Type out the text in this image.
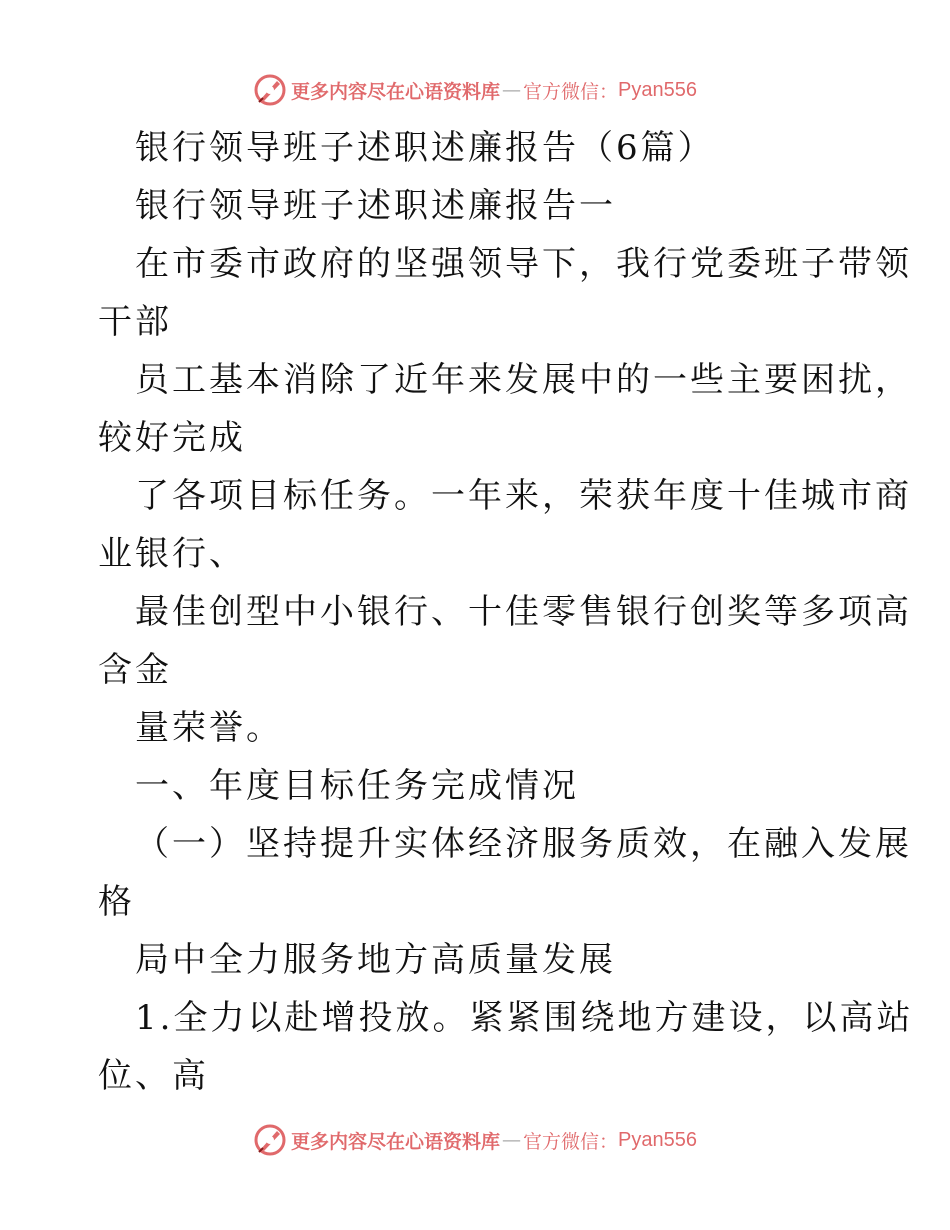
更多内容尽在心语资料库 — 官方微信： Pyan556
银行领导班子述职述廉报告（6篇）
银行领导班子述职述廉报告一
在市委市政府的坚强领导下，我行党委班子带领
干部
员工基本消除了近年来发展中的一些主要困扰，
较好完成
了各项目标任务。一年来，荣获年度十佳城市商
业银行、
最佳创型中小银行、十佳零售银行创奖等多项高
含金
量荣誉。
一、年度目标任务完成情况
（一）坚持提升实体经济服务质效，在融入发展
格
局中全力服务地方高质量发展
1.全力以赴增投放。紧紧围绕地方建设，以高站
位、高
更多内容尽在心语资料库 — 官方微信： Pyan556
